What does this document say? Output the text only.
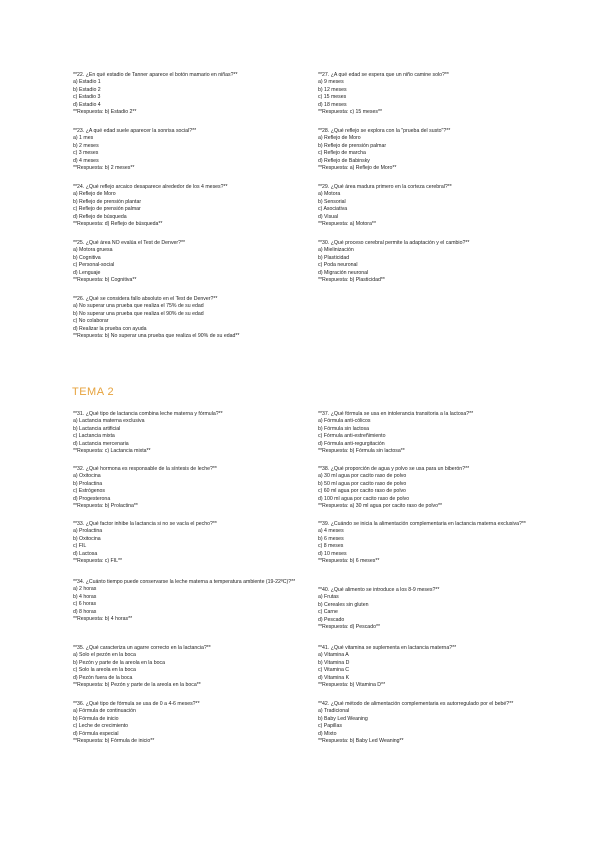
TEMA 2
**22. ¿En qué estadio de Tanner aparece el botón mamario en niñas?**
a) Estadio 1
b) Estadio 2
c) Estadio 3
d) Estadio 4
**Respuesta: b) Estadio 2**
**23. ¿A qué edad suele aparecer la sonrisa social?**
a) 1 mes
b) 2 meses
c) 3 meses
d) 4 meses
**Respuesta: b) 2 meses**
**24. ¿Qué reflejo arcaico desaparece alrededor de los 4 meses?**
a) Reflejo de Moro
b) Reflejo de prensión plantar
c) Reflejo de prensión palmar
d) Reflejo de búsqueda
**Respuesta: d) Reflejo de búsqueda**
**25. ¿Qué área NO evalúa el Test de Denver?**
a) Motora gruesa
b) Cognitiva
c) Personal-social
d) Lenguaje
**Respuesta: b) Cognitiva**
**26. ¿Qué se considera fallo absoluto en el Test de Denver?**
a) No superar una prueba que realiza el 75% de su edad
b) No superar una prueba que realiza el 90% de su edad
c) No colaborar
d) Realizar la prueba con ayuda
**Respuesta: b) No superar una prueba que realiza el 90% de su edad**
**27. ¿A qué edad se espera que un niño camine solo?**
a) 9 meses
b) 12 meses
c) 15 meses
d) 18 meses
**Respuesta: c) 15 meses**
**28. ¿Qué reflejo se explora con la "prueba del susto"?**
a) Reflejo de Moro
b) Reflejo de prensión palmar
c) Reflejo de marcha
d) Reflejo de Babinsky
**Respuesta: a) Reflejo de Moro**
**29. ¿Qué área madura primero en la corteza cerebral?**
a) Motora
b) Sensorial
c) Asociativa
d) Visual
**Respuesta: a) Motora**
**30. ¿Qué proceso cerebral permite la adaptación y el cambio?**
a) Mielinización
b) Plasticidad
c) Poda neuronal
d) Migración neuronal
**Respuesta: b) Plasticidad**
**31. ¿Qué tipo de lactancia combina leche materna y fórmula?**
a) Lactancia materna exclusiva
b) Lactancia artificial
c) Lactancia mixta
d) Lactancia mercenaria
**Respuesta: c) Lactancia mixta**
**32. ¿Qué hormona es responsable de la síntesis de leche?**
a) Oxitocina
b) Prolactina
c) Estrógenos
d) Progesterona
**Respuesta: b) Prolactina**
**33. ¿Qué factor inhibe la lactancia si no se vacía el pecho?**
a) Prolactina
b) Oxitocina
c) FIL
d) Lactosa
**Respuesta: c) FIL**
**34. ¿Cuánto tiempo puede conservarse la leche materna a temperatura ambiente (19-22ºC)?**
a) 2 horas
b) 4 horas
c) 6 horas
d) 8 horas
**Respuesta: b) 4 horas**
**35. ¿Qué caracteriza un agarre correcto en la lactancia?**
a) Solo el pezón en la boca
b) Pezón y parte de la areola en la boca
c) Solo la areola en la boca
d) Pezón fuera de la boca
**Respuesta: b) Pezón y parte de la areola en la boca**
**36. ¿Qué tipo de fórmula se usa de 0 a 4-6 meses?**
a) Fórmula de continuación
b) Fórmula de inicio
c) Leche de crecimiento
d) Fórmula especial
**Respuesta: b) Fórmula de inicio**
**37. ¿Qué fórmula se usa en intolerancia transitoria a la lactosa?**
a) Fórmula anti-cólicos
b) Fórmula sin lactosa
c) Fórmula anti-estreñimiento
d) Fórmula anti-regurgitación
**Respuesta: b) Fórmula sin lactosa**
**38. ¿Qué proporción de agua y polvo se usa para un biberón?**
a) 30 ml agua por cacito raso de polvo
b) 50 ml agua por cacito raso de polvo
c) 60 ml agua por cacito raso de polvo
d) 100 ml agua por cacito raso de polvo
**Respuesta: a) 30 ml agua por cacito raso de polvo**
**39. ¿Cuándo se inicia la alimentación complementaria en lactancia materna exclusiva?**
a) 4 meses
b) 6 meses
c) 8 meses
d) 10 meses
**Respuesta: b) 6 meses**
**40. ¿Qué alimento se introduce a los 8-9 meses?**
a) Frutas
b) Cereales sin gluten
c) Carne
d) Pescado
**Respuesta: d) Pescado**
**41. ¿Qué vitamina se suplementa en lactancia materna?**
a) Vitamina A
b) Vitamina D
c) Vitamina C
d) Vitamina K
**Respuesta: b) Vitamina D**
**42. ¿Qué método de alimentación complementaria es autorregulado por el bebé?**
a) Tradicional
b) Baby Led Weaning
c) Papillas
d) Mixto
**Respuesta: b) Baby Led Weaning**
